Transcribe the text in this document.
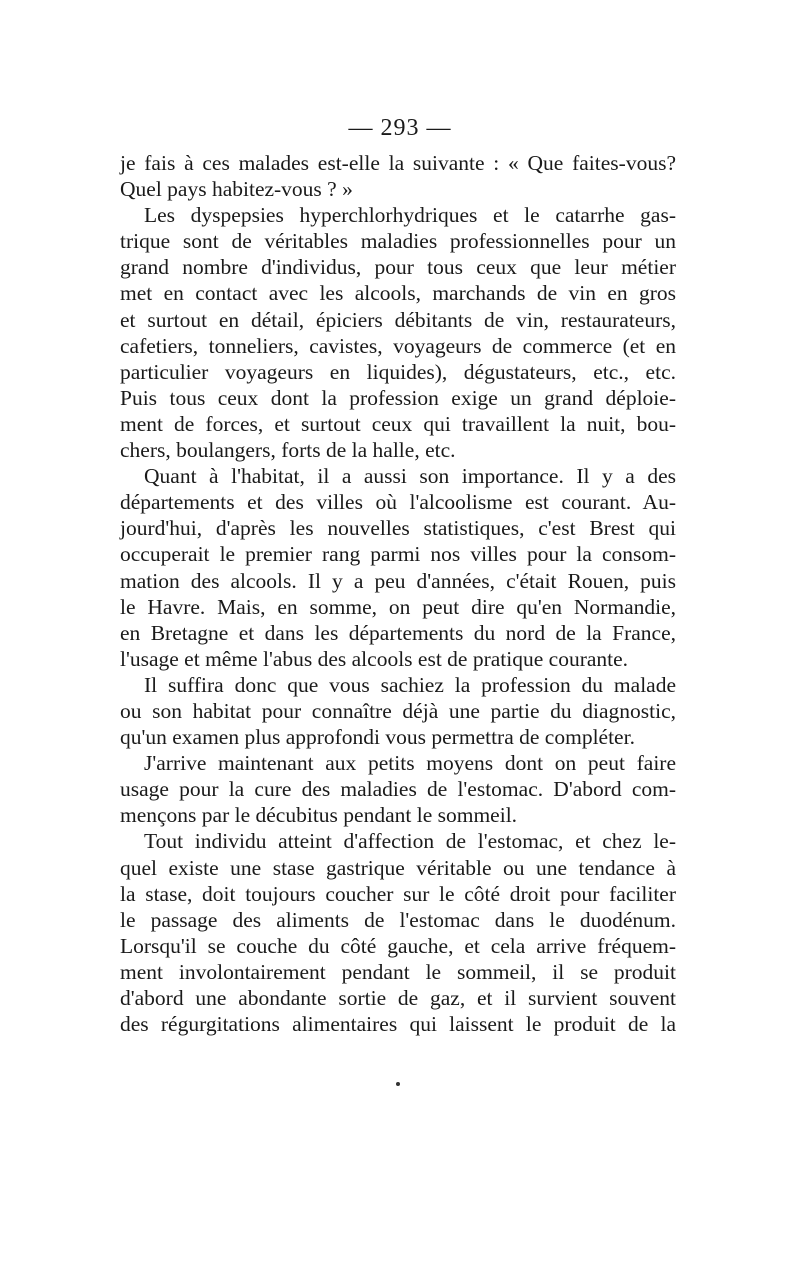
— 293 —
je fais à ces malades est-elle la suivante : « Que faites-vous?
Quel pays habitez-vous ? »
Les dyspepsies hyperchlorhydriques et le catarrhe gas-
trique sont de véritables maladies professionnelles pour un
grand nombre d'individus, pour tous ceux que leur métier
met en contact avec les alcools, marchands de vin en gros
et surtout en détail, épiciers débitants de vin, restaurateurs,
cafetiers, tonneliers, cavistes, voyageurs de commerce (et en
particulier voyageurs en liquides), dégustateurs, etc., etc.
Puis tous ceux dont la profession exige un grand déploie-
ment de forces, et surtout ceux qui travaillent la nuit, bou-
chers, boulangers, forts de la halle, etc.
Quant à l'habitat, il a aussi son importance. Il y a des
départements et des villes où l'alcoolisme est courant. Au-
jourd'hui, d'après les nouvelles statistiques, c'est Brest qui
occuperait le premier rang parmi nos villes pour la consom-
mation des alcools. Il y a peu d'années, c'était Rouen, puis
le Havre. Mais, en somme, on peut dire qu'en Normandie,
en Bretagne et dans les départements du nord de la France,
l'usage et même l'abus des alcools est de pratique courante.
Il suffira donc que vous sachiez la profession du malade
ou son habitat pour connaître déjà une partie du diagnostic,
qu'un examen plus approfondi vous permettra de compléter.
J'arrive maintenant aux petits moyens dont on peut faire
usage pour la cure des maladies de l'estomac. D'abord com-
mençons par le décubitus pendant le sommeil.
Tout individu atteint d'affection de l'estomac, et chez le-
quel existe une stase gastrique véritable ou une tendance à
la stase, doit toujours coucher sur le côté droit pour faciliter
le passage des aliments de l'estomac dans le duodénum.
Lorsqu'il se couche du côté gauche, et cela arrive fréquem-
ment involontairement pendant le sommeil, il se produit
d'abord une abondante sortie de gaz, et il survient souvent
des régurgitations alimentaires qui laissent le produit de la
